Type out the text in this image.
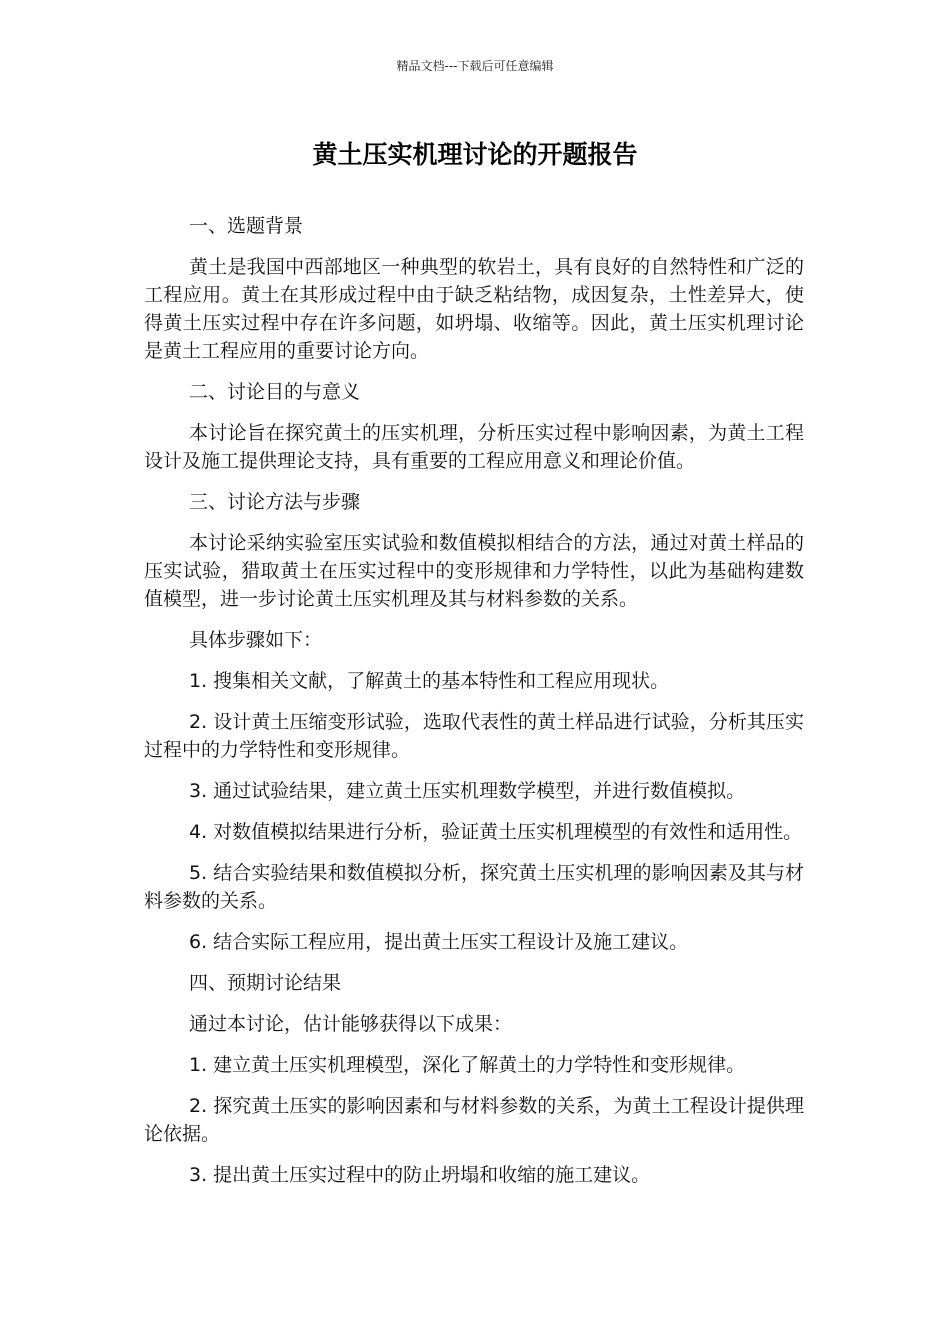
精品文档---下载后可任意编辑
黄土压实机理讨论的开题报告

一、选题背景

黄土是我国中西部地区一种典型的软岩土，具有良好的自然特性和广泛的工程应用。黄土在其形成过程中由于缺乏粘结物，成因复杂，土性差异大，使得黄土压实过程中存在许多问题，如坍塌、收缩等。因此，黄土压实机理讨论是黄土工程应用的重要讨论方向。

二、讨论目的与意义

本讨论旨在探究黄土的压实机理，分析压实过程中影响因素，为黄土工程设计及施工提供理论支持，具有重要的工程应用意义和理论价值。

三、讨论方法与步骤

本讨论采纳实验室压实试验和数值模拟相结合的方法，通过对黄土样品的压实试验，猎取黄土在压实过程中的变形规律和力学特性，以此为基础构建数值模型，进一步讨论黄土压实机理及其与材料参数的关系。

具体步骤如下：

1. 搜集相关文献，了解黄土的基本特性和工程应用现状。

2. 设计黄土压缩变形试验，选取代表性的黄土样品进行试验，分析其压实过程中的力学特性和变形规律。

3. 通过试验结果，建立黄土压实机理数学模型，并进行数值模拟。

4. 对数值模拟结果进行分析，验证黄土压实机理模型的有效性和适用性。

5. 结合实验结果和数值模拟分析，探究黄土压实机理的影响因素及其与材料参数的关系。

6. 结合实际工程应用，提出黄土压实工程设计及施工建议。

四、预期讨论结果

通过本讨论，估计能够获得以下成果：

1. 建立黄土压实机理模型，深化了解黄土的力学特性和变形规律。

2. 探究黄土压实的影响因素和与材料参数的关系，为黄土工程设计提供理论依据。

3. 提出黄土压实过程中的防止坍塌和收缩的施工建议。
